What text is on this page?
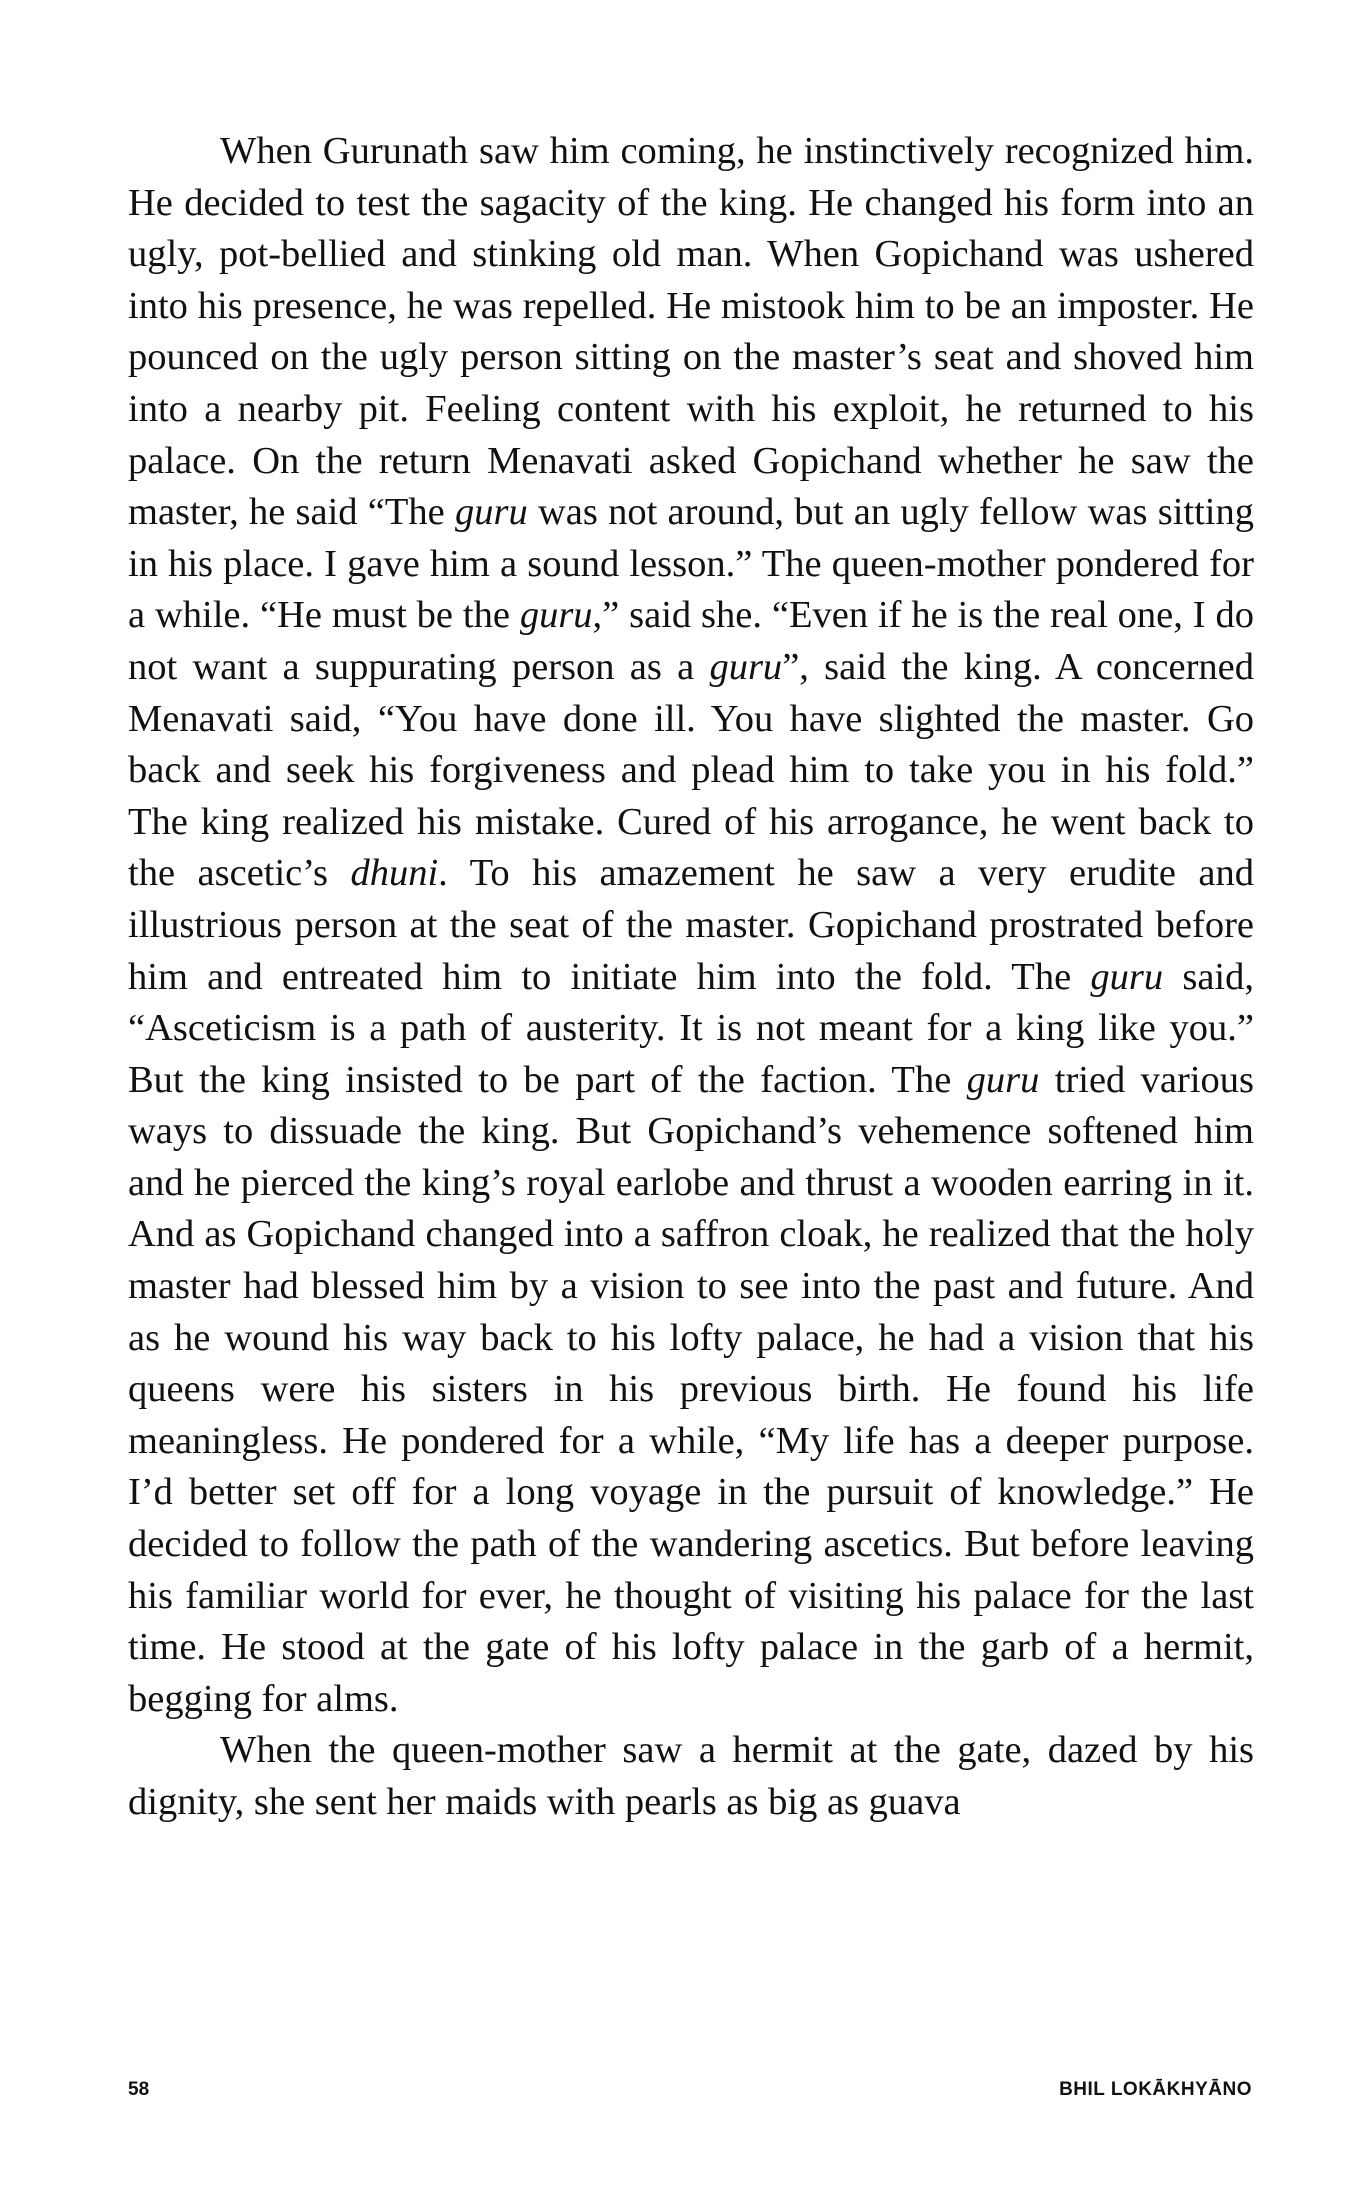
When Gurunath saw him coming, he instinctively recognized him. He decided to test the sagacity of the king. He changed his form into an ugly, pot-bellied and stinking old man. When Gopichand was ushered into his presence, he was repelled. He mistook him to be an imposter. He pounced on the ugly person sitting on the master’s seat and shoved him into a nearby pit. Feeling content with his exploit, he returned to his palace. On the return Menavati asked Gopichand whether he saw the master, he said “The guru was not around, but an ugly fellow was sitting in his place. I gave him a sound lesson.” The queen-mother pondered for a while. “He must be the guru,” said she. “Even if he is the real one, I do not want a suppurating person as a guru”, said the king. A concerned Menavati said, “You have done ill. You have slighted the master. Go back and seek his forgiveness and plead him to take you in his fold.” The king realized his mistake. Cured of his arrogance, he went back to the ascetic’s dhuni. To his amazement he saw a very erudite and illustrious person at the seat of the master. Gopichand prostrated before him and entreated him to initiate him into the fold. The guru said, “Asceticism is a path of austerity. It is not meant for a king like you.” But the king insisted to be part of the faction. The guru tried various ways to dissuade the king. But Gopichand’s vehemence softened him and he pierced the king’s royal earlobe and thrust a wooden earring in it. And as Gopichand changed into a saffron cloak, he realized that the holy master had blessed him by a vision to see into the past and future. And as he wound his way back to his lofty palace, he had a vision that his queens were his sisters in his previous birth. He found his life meaningless. He pondered for a while, “My life has a deeper purpose. I’d better set off for a long voyage in the pursuit of knowledge.” He decided to follow the path of the wandering ascetics. But before leaving his familiar world for ever, he thought of visiting his palace for the last time. He stood at the gate of his lofty palace in the garb of a hermit, begging for alms.

When the queen-mother saw a hermit at the gate, dazed by his dignity, she sent her maids with pearls as big as guava

58	BHIL LOKĀKHYĀNO
